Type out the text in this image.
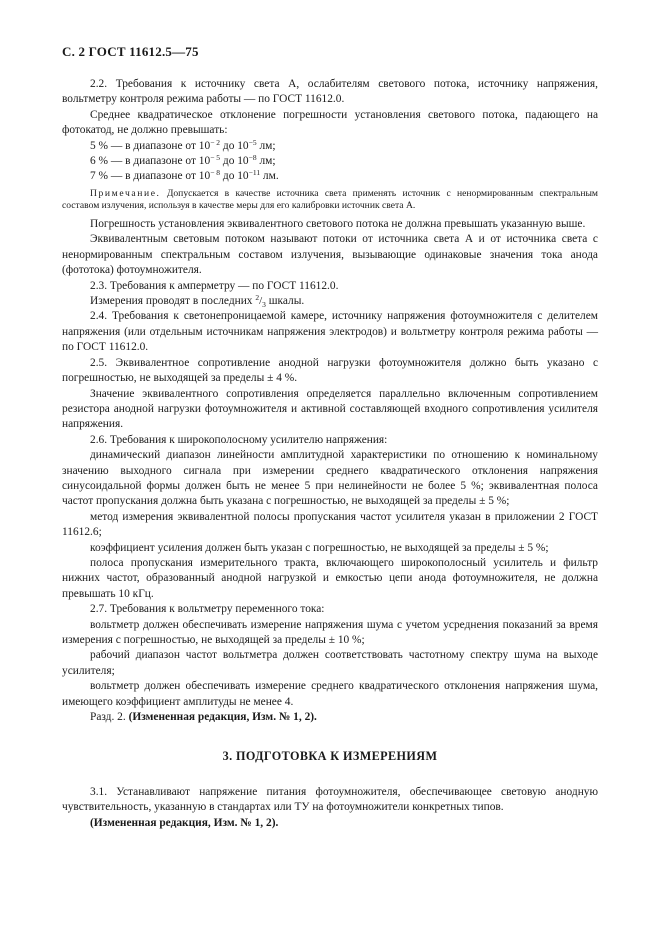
С. 2 ГОСТ 11612.5—75

2.2. Требования к источнику света А, ослабителям светового потока, источнику напряжения, вольтметру контроля режима работы — по ГОСТ 11612.0.

Среднее квадратическое отклонение погрешности установления светового потока, падающего на фотокатод, не должно превышать:

5 % — в диапазоне от $10^{- 2}$ до $10^{-5}$ лм;

6 % — в диапазоне от $10^{- 5}$ до $10^{-8}$ лм;

7 % — в диапазоне от $10^{- 8}$ до $10^{-11}$ лм.

Примечание. Допускается в качестве источника света применять источник с ненормированным спектральным составом излучения, используя в качестве меры для его калибровки источник света А.

Погрешность установления эквивалентного светового потока не должна превышать указанную выше.

Эквивалентным световым потоком называют потоки от источника света А и от источника света с ненормированным спектральным составом излучения, вызывающие одинаковые значения тока анода (фототока) фотоумножителя.

2.3. Требования к амперметру — по ГОСТ 11612.0.

Измерения проводят в последних $^2/_3$ шкалы.

2.4. Требования к светонепроницаемой камере, источнику напряжения фотоумножителя с делителем напряжения (или отдельным источникам напряжения электродов) и вольтметру контроля режима работы — по ГОСТ 11612.0.

2.5. Эквивалентное сопротивление анодной нагрузки фотоумножителя должно быть указано с погрешностью, не выходящей за пределы ± 4 %.

Значение эквивалентного сопротивления определяется параллельно включенным сопротивлением резистора анодной нагрузки фотоумножителя и активной составляющей входного сопротивления усилителя напряжения.

2.6. Требования к широкополосному усилителю напряжения:

динамический диапазон линейности амплитудной характеристики по отношению к номинальному значению выходного сигнала при измерении среднего квадратического отклонения напряжения синусоидальной формы должен быть не менее 5 при нелинейности не более 5 %; эквивалентная полоса частот пропускания должна быть указана с погрешностью, не выходящей за пределы ± 5 %;

метод измерения эквивалентной полосы пропускания частот усилителя указан в приложении 2 ГОСТ 11612.6;

коэффициент усиления должен быть указан с погрешностью, не выходящей за пределы ± 5 %;

полоса пропускания измерительного тракта, включающего широкополосный усилитель и фильтр нижних частот, образованный анодной нагрузкой и емкостью цепи анода фотоумножителя, не должна превышать 10 кГц.

2.7. Требования к вольтметру переменного тока:

вольтметр должен обеспечивать измерение напряжения шума с учетом усреднения показаний за время измерения с погрешностью, не выходящей за пределы ± 10 %;

рабочий диапазон частот вольтметра должен соответствовать частотному спектру шума на выходе усилителя;

вольтметр должен обеспечивать измерение среднего квадратического отклонения напряжения шума, имеющего коэффициент амплитуды не менее 4.

Разд. 2. (Измененная редакция, Изм. № 1, 2).

3. ПОДГОТОВКА К ИЗМЕРЕНИЯМ

3.1. Устанавливают напряжение питания фотоумножителя, обеспечивающее световую анодную чувствительность, указанную в стандартах или ТУ на фотоумножители конкретных типов.

(Измененная редакция, Изм. № 1, 2).
